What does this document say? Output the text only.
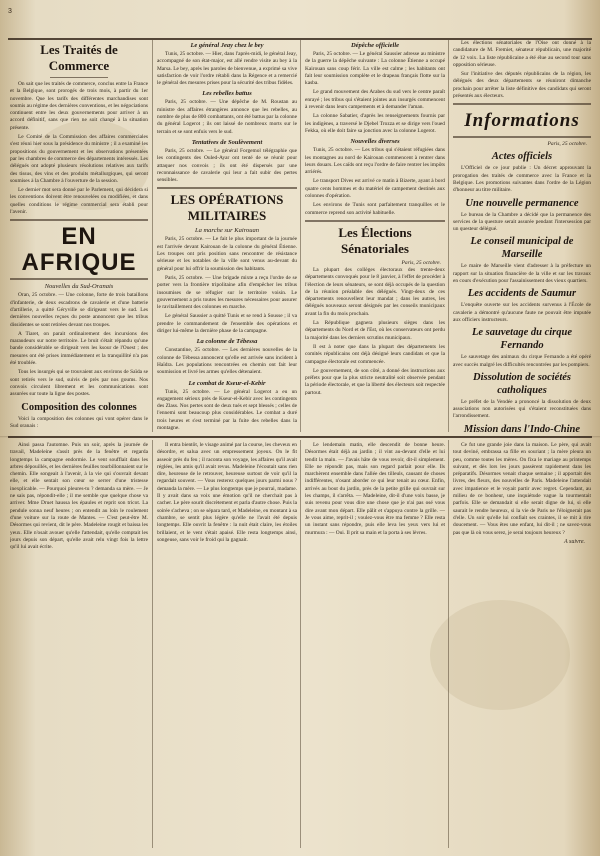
3
Les Traités de Commerce

On sait que les traités de commerce, conclus entre la France et la Belgique, sont prorogés de trois mois, à partir du 1er novembre. Que les tarifs des différentes marchandises sont soumis au régime des dernières conventions, et les négociations continuent entre les deux gouvernements pour arriver à un accord définitif, sans que rien ne soit changé à la situation présente.

Le Comité de la Commission des affaires commerciales s'est réuni hier sous la présidence du ministre ; il a examiné les propositions du gouvernement et les observations présentées par les chambres de commerce des départements intéressés. Les délégués ont adopté plusieurs résolutions relatives aux tarifs des tissus, des vins et des produits métallurgiques, qui seront soumises à la Chambre à l'ouverture de la session.

Le dernier mot sera donné par le Parlement, qui décidera si les conventions doivent être renouvelées ou modifiées, et dans quelles conditions le régime commercial sera établi pour l'avenir.

EN AFRIQUE
Nouvelles du Sud-Oranais

Oran, 25 octobre. — Une colonne, forte de trois bataillons d'infanterie, de deux escadrons de cavalerie et d'une batterie d'artillerie, a quitté Géryville se dirigeant vers le sud. Les dernières nouvelles reçues du poste annoncent que les tribus dissidentes se sont retirées devant nos troupes.

A Tiaret, on parait ordinairement des incursions des maraudeurs sur notre territoire. Le bruit s'était répandu qu'une bande considérable se dirigeait vers les ksour de l'Ouest ; des mesures ont été prises immédiatement et la tranquillité n'a pas été troublée.

Tous les insurgés qui se trouvaient aux environs de Saïda se sont retirés vers le sud, suivis de près par nos goums. Nos convois circulent librement et les communications sont assurées sur toute la ligne des postes.

Composition des colonnes

Voici la composition des colonnes qui vont opérer dans le Sud oranais :

Le général Jeay chez le bey

Tunis, 25 octobre. — Hier, dans l'après-midi, le général Jeay, accompagné de son état-major, est allé rendre visite au bey à la Marsa. Le bey, après les paroles de bienvenue, a exprimé sa vive satisfaction de voir l'ordre rétabli dans la Régence et a remercié le général des mesures prises pour la sécurité des tribus fidèles.

Les rebelles battus

Paris, 25 octobre. — Une dépêche de M. Roustan au ministre des affaires étrangères annonce que les rebelles, au nombre de plus de 800 combattants, ont été battus par la colonne du général Logerot ; ils ont laissé de nombreux morts sur le terrain et se sont enfuis vers le sud.

Tentatives de Soulèvement

Paris, 25 octobre. — Le général Forgemol télégraphie que les contingents des Ouled-Ayar ont tenté de se réunir pour attaquer nos convois ; ils ont été dispersés par une reconnaissance de cavalerie qui leur a fait subir des pertes sensibles.

LES OPÉRATIONS MILITAIRES
La marche sur Kairouan

Paris, 25 octobre. — Le fait le plus important de la journée est l'arrivée devant Kairouan de la colonne du général Étienne. Les troupes ont pris position sans rencontrer de résistance sérieuse et les notables de la ville sont venus au-devant du général pour lui offrir la soumission des habitants.

Paris, 25 octobre. — Une brigade mixte a reçu l'ordre de se porter vers la frontière tripolitaine afin d'empêcher les tribus insoumises de se réfugier sur le territoire voisin. Le gouvernement a pris toutes les mesures nécessaires pour assurer le ravitaillement des colonnes en marche.

Le général Saussier a quitté Tunis et se rend à Sousse ; il va prendre le commandement de l'ensemble des opérations et diriger lui-même la dernière phase de la campagne.

La colonne de Tébessa

Constantine, 25 octobre. — Les dernières nouvelles de la colonne de Tébessa annoncent qu'elle est arrivée sans incident à Haïdra. Les populations rencontrées en chemin ont fait leur soumission et livré les armes qu'elles détenaient.

Le combat de Kseur-el-Kebir

Tunis, 25 octobre. — Le général Logerot a eu un engagement sérieux près de Kseur-el-Kebir avec les contingents des Zlass. Nos pertes sont de deux tués et sept blessés ; celles de l'ennemi sont beaucoup plus considérables. Le combat a duré trois heures et s'est terminé par la fuite des rebelles dans la montagne.

Dépêche officielle

Paris, 25 octobre. — Le général Saussier adresse au ministre de la guerre la dépêche suivante : La colonne Étienne a occupé Kairouan sans coup férir. La ville est calme ; les habitants ont fait leur soumission complète et le drapeau français flotte sur la kasba.

Le grand mouvement des Arabes du sud vers le centre paraît enrayé ; les tribus qui s'étaient jointes aux insurgés commencent à revenir dans leurs campements et à demander l'aman.

La colonne Sabatier, d'après les renseignements fournis par les indigènes, a traversé le Djebel Trozza et se dirige vers l'oued Fekka, où elle doit faire sa jonction avec la colonne Logerot.

Nouvelles diverses

Tunis, 25 octobre. — Les tribus qui s'étaient réfugiées dans les montagnes au nord de Kairouan commencent à rentrer dans leurs douars. Les caïds ont reçu l'ordre de faire rentrer les impôts arriérés.

Le transport Dives est arrivé ce matin à Bizerte, ayant à bord quatre cents hommes et du matériel de campement destinés aux colonnes d'opération.

Les environs de Tunis sont parfaitement tranquilles et le commerce reprend son activité habituelle.

Les Élections Sénatoriales
Paris, 25 octobre.

La plupart des collèges électoraux des trente-deux départements convoqués pour le 8 janvier, à l'effet de procéder à l'élection de leurs sénateurs, se sont déjà occupés de la question de la réunion préalable des délégués. Vingt-deux de ces départements renouvellent leur mandat ; dans les autres, les délégués nouveaux seront désignés par les conseils municipaux avant la fin du mois prochain.

La République gagnera plusieurs sièges dans les départements du Nord et de l'Est, où les conservateurs ont perdu la majorité dans les derniers scrutins municipaux.

Il est à noter que dans la plupart des départements les comités républicains ont déjà désigné leurs candidats et que la campagne électorale est commencée.

Le gouvernement, de son côté, a donné des instructions aux préfets pour que la plus stricte neutralité soit observée pendant la période électorale, et que la liberté des électeurs soit respectée partout.

Les élections sénatoriales de l'Oise ont donné à la candidature de M. Fremiet, sénateur républicain, une majorité de 12 voix. La liste républicaine a été élue au second tour sans opposition sérieuse.

Sur l'initiative des députés républicains de la région, les délégués des deux départements se réuniront dimanche prochain pour arrêter la liste définitive des candidats qui seront présentés aux électeurs.

Informations
Paris, 25 octobre.
Actes officiels

L'Officiel de ce jour publie : Un décret approuvant la prorogation des traités de commerce avec la France et la Belgique. Les promotions suivantes dans l'ordre de la Légion d'honneur au titre militaire.

Une nouvelle permanence

Le bureau de la Chambre a décidé que la permanence des services de la questure serait assurée pendant l'intersession par un questeur délégué.

Le conseil municipal de Marseille

Le maire de Marseille vient d'adresser à la préfecture un rapport sur la situation financière de la ville et sur les travaux en cours d'exécution pour l'assainissement des vieux quartiers.

Les accidents de Saumur

L'enquête ouverte sur les accidents survenus à l'École de cavalerie a démontré qu'aucune faute ne pouvait être imputée aux officiers instructeurs.

Le sauvetage du cirque Fernando

Le sauvetage des animaux du cirque Fernando a été opéré avec succès malgré les difficultés rencontrées par les pompiers.

Dissolution de sociétés catholiques

Le préfet de la Vendée a prononcé la dissolution de deux associations non autorisées qui s'étaient reconstituées dans l'arrondissement.

Mission dans l'Indo-Chine

Ainsi passa l'automne. Puis un soir, après la journée de travail, Madeleine s'assit près de la fenêtre et regarda longtemps la campagne endormie. Le vent soufflait dans les arbres dépouillés, et les dernières feuilles tourbillonnaient sur le chemin. Elle songeait à l'avenir, à la vie qui s'ouvrait devant elle, et elle sentait son cœur se serrer d'une tristesse inexplicable. — Pourquoi pleures-tu ? demanda sa mère. — Je ne sais pas, répondit-elle ; il me semble que quelque chose va arriver. Mme Druet haussa les épaules et reprit son tricot. La pendule sonna neuf heures ; on entendit au loin le roulement d'une voiture sur la route de Mantes. — C'est peut-être M. Désormes qui revient, dit le père. Madeleine rougit et baissa les yeux. Elle n'osait avouer qu'elle l'attendait, qu'elle comptait les jours depuis son départ, qu'elle avait relu vingt fois la lettre qu'il lui avait écrite.

Il entra bientôt, le visage animé par la course, les cheveux en désordre, et salua avec un empressement joyeux. On le fit asseoir près du feu ; il raconta son voyage, les affaires qu'il avait réglées, les amis qu'il avait revus. Madeleine l'écoutait sans rien dire, heureuse de le retrouver, heureuse surtout de voir qu'il la regardait souvent. — Vous resterez quelques jours parmi nous ? demanda la mère. — Le plus longtemps que je pourrai, madame. Il y avait dans sa voix une émotion qu'il ne cherchait pas à cacher. Le père sourit discrètement et parla d'autre chose. Puis la soirée s'acheva ; on se sépara tard, et Madeleine, en montant à sa chambre, se sentit plus légère qu'elle ne l'avait été depuis longtemps. Elle ouvrit la fenêtre : la nuit était claire, les étoiles brillaient, et le vent s'était apaisé. Elle resta longtemps ainsi, songeuse, sans voir le froid qui la gagnait.

Le lendemain matin, elle descendit de bonne heure. Désormes était déjà au jardin ; il vint au-devant d'elle et lui tendit la main. — J'avais hâte de vous revoir, dit-il simplement. Elle ne répondit pas, mais son regard parlait pour elle. Ils marchèrent ensemble dans l'allée des tilleuls, causant de choses indifférentes, n'osant aborder ce qui leur tenait au cœur. Enfin, arrivés au bout du jardin, près de la petite grille qui ouvrait sur les champs, il s'arrêta. — Madeleine, dit-il d'une voix basse, je suis revenu pour vous dire une chose que je n'ai pas osé vous dire avant mon départ. Elle pâlit et s'appuya contre la grille. — Je vous aime, reprit-il ; voulez-vous être ma femme ? Elle resta un instant sans répondre, puis elle leva les yeux vers lui et murmura : — Oui. Il prit sa main et la porta à ses lèvres.

Ce fut une grande joie dans la maison. Le père, qui avait tout deviné, embrassa sa fille en souriant ; la mère pleura un peu, comme toutes les mères. On fixa le mariage au printemps suivant, et dès lors les jours passèrent rapidement dans les préparatifs. Désormes venait chaque semaine ; il apportait des livres, des fleurs, des nouvelles de Paris. Madeleine l'attendait avec impatience et le voyait partir avec regret. Cependant, au milieu de ce bonheur, une inquiétude vague la tourmentait parfois. Elle se demandait si elle serait digne de lui, si elle saurait le rendre heureux, si la vie de Paris ne l'éloignerait pas d'elle. Un soir qu'elle lui confiait ses craintes, il se mit à rire doucement. — Vous êtes une enfant, lui dit-il ; ne savez-vous pas que là où vous serez, je serai toujours heureux ?

A suivre.
